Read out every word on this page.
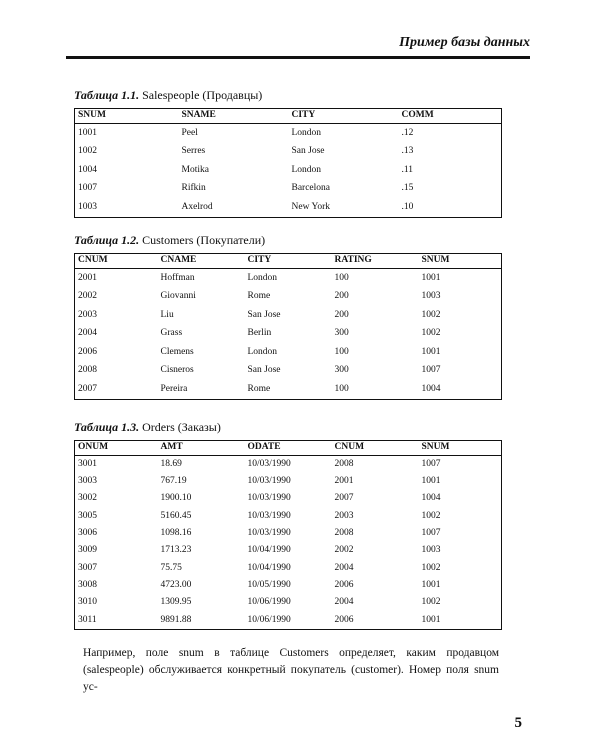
Пример базы данных
Таблица 1.1. Salespeople (Продавцы)
SNUM	SNAME	CITY	COMM
1001	Peel	London	.12
1002	Serres	San Jose	.13
1004	Motika	London	.11
1007	Rifkin	Barcelona	.15
1003	Axelrod	New York	.10
Таблица 1.2. Customers (Покупатели)
CNUM	CNAME	CITY	RATING	SNUM
2001	Hoffman	London	100	1001
2002	Giovanni	Rome	200	1003
2003	Liu	San Jose	200	1002
2004	Grass	Berlin	300	1002
2006	Clemens	London	100	1001
2008	Cisneros	San Jose	300	1007
2007	Pereira	Rome	100	1004
Таблица 1.3. Orders (Заказы)
ONUM	AMT	ODATE	CNUM	SNUM
3001	18.69	10/03/1990	2008	1007
3003	767.19	10/03/1990	2001	1001
3002	1900.10	10/03/1990	2007	1004
3005	5160.45	10/03/1990	2003	1002
3006	1098.16	10/03/1990	2008	1007
3009	1713.23	10/04/1990	2002	1003
3007	75.75	10/04/1990	2004	1002
3008	4723.00	10/05/1990	2006	1001
3010	1309.95	10/06/1990	2004	1002
3011	9891.88	10/06/1990	2006	1001
Например, поле snum в таблице Customers определяет, каким продавцом (salespeople) обслуживается конкретный покупатель (customer). Номер поля snum ус-
5
